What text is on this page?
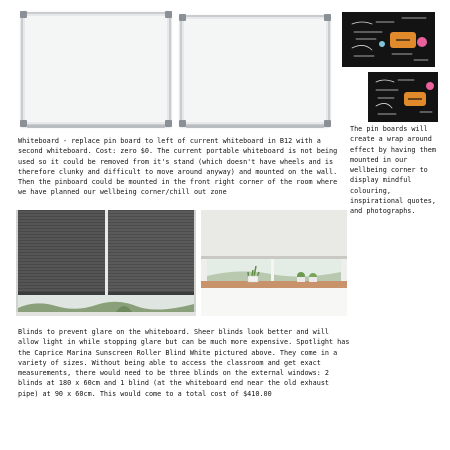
Whiteboard - replace pin board to left of current whiteboard in B12 with a second whiteboard. Cost: zero $0. The current portable whiteboard is not being used so it could be removed from it's stand (which doesn't have wheels and is therefore clunky and difficult to move around anyway) and mounted on the wall. Then the pinboard could be mounted in the front right corner of the room where we have planned our wellbeing corner/chill out zone

The pin boards will create a wrap around effect by having them mounted in our wellbeing corner to display mindful colouring, inspirational quotes, and photographs.

Blinds to prevent glare on the whiteboard. Sheer blinds look better and will allow light in while stopping glare but can be much more expensive. Spotlight has the Caprice Marina Sunscreen Roller Blind White pictured above. They come in a variety of sizes. Without being able to access the classroom and get exact measurements, there would need to be three blinds on the external windows: 2 blinds at 180 x 60cm and 1 blind (at the whiteboard end near the old exhaust pipe) at 90 x 60cm. This would come to a total cost of $410.00
